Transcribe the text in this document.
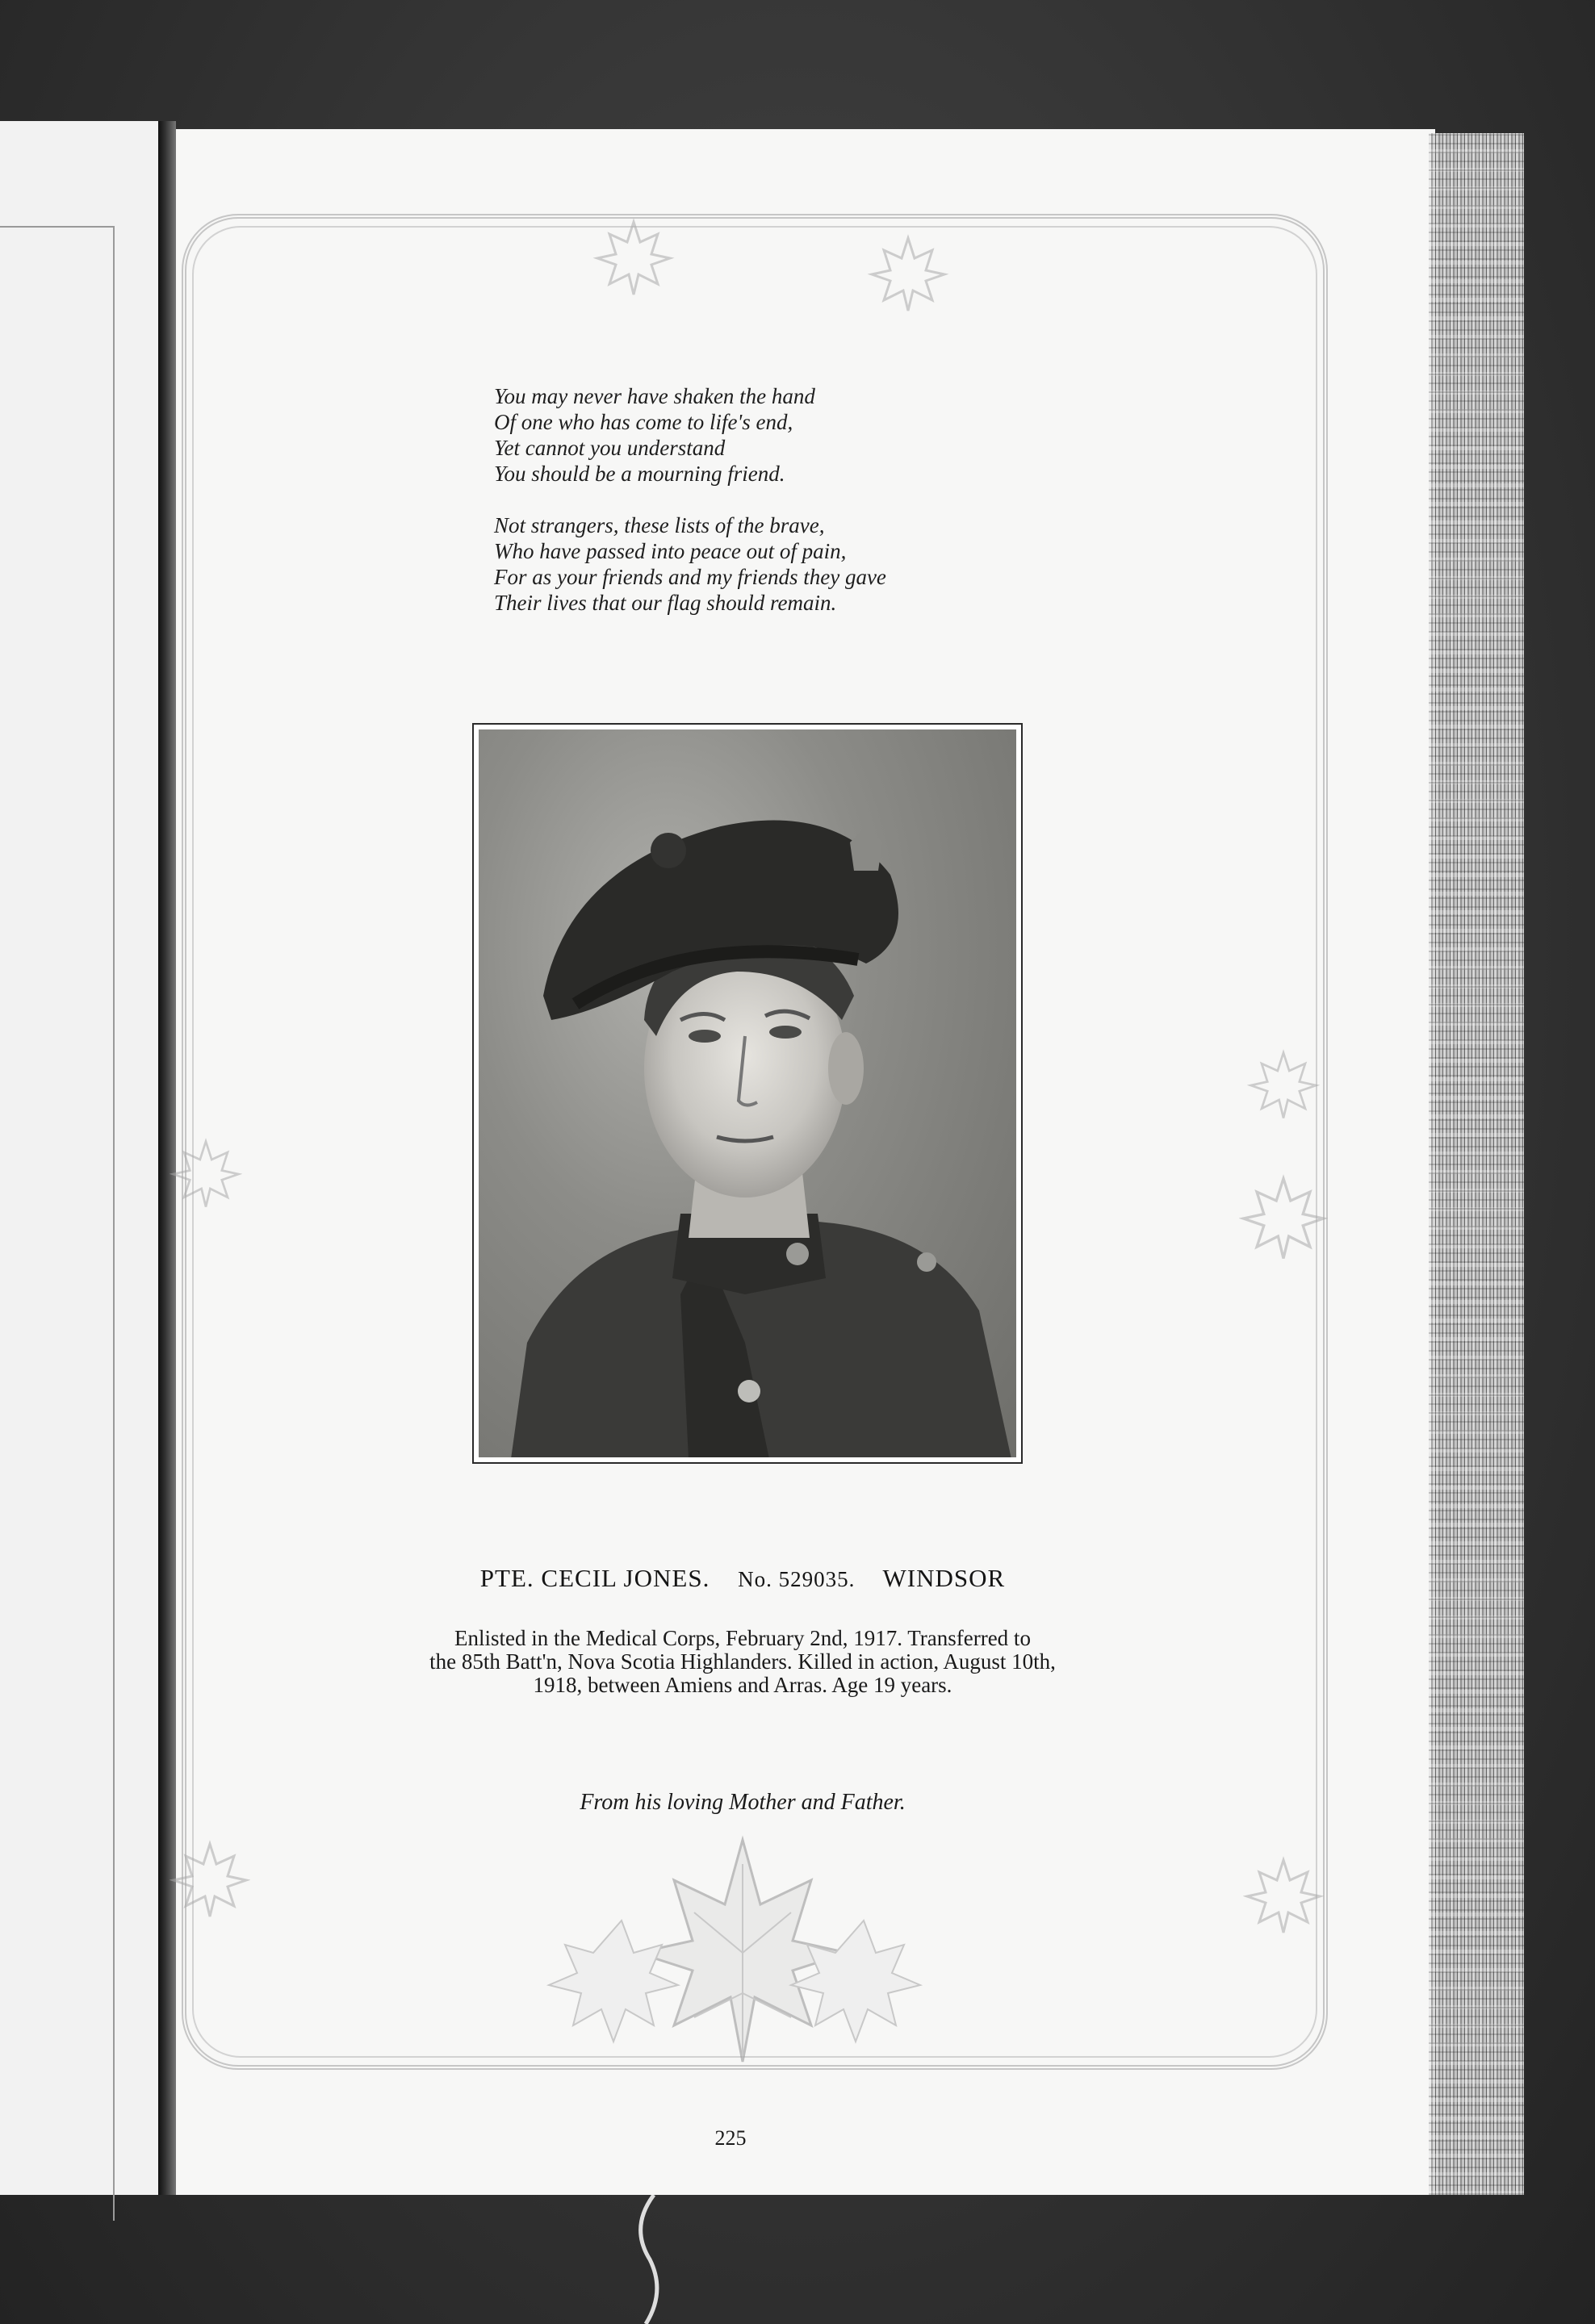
You may never have shaken the hand
Of one who has come to life's end,
Yet cannot you understand
You should be a mourning friend.
Not strangers, these lists of the brave,
Who have passed into peace out of pain,
For as your friends and my friends they gave
Their lives that our flag should remain.
PTE. CECIL JONES. No. 529035. WINDSOR
Enlisted in the Medical Corps, February 2nd, 1917. Transferred to
the 85th Batt'n, Nova Scotia Highlanders. Killed in action, August 10th,
1918, between Amiens and Arras. Age 19 years.
From his loving Mother and Father.
225
